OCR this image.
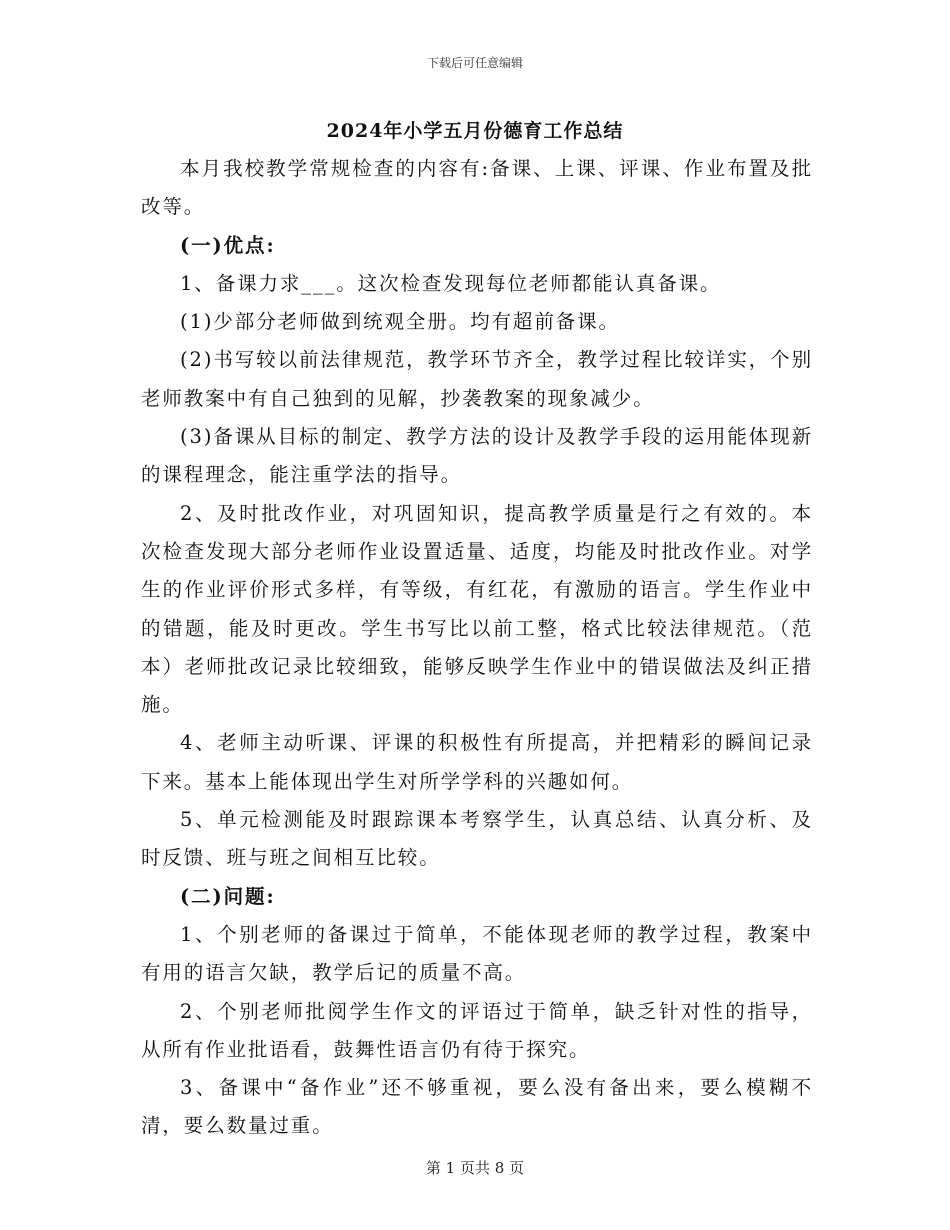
下载后可任意编辑
2024年小学五月份德育工作总结

本月我校教学常规检查的内容有:备课、上课、评课、作业布置及批改等。

(一)优点:

1、备课力求___。这次检查发现每位老师都能认真备课。

(1)少部分老师做到统观全册。均有超前备课。

(2)书写较以前法律规范，教学环节齐全，教学过程比较详实，个别老师教案中有自己独到的见解，抄袭教案的现象减少。

(3)备课从目标的制定、教学方法的设计及教学手段的运用能体现新的课程理念，能注重学法的指导。

2、及时批改作业，对巩固知识，提高教学质量是行之有效的。本次检查发现大部分老师作业设置适量、适度，均能及时批改作业。对学生的作业评价形式多样，有等级，有红花，有激励的语言。学生作业中的错题，能及时更改。学生书写比以前工整，格式比较法律规范。（范本）老师批改记录比较细致，能够反映学生作业中的错误做法及纠正措施。

4、老师主动听课、评课的积极性有所提高，并把精彩的瞬间记录下来。基本上能体现出学生对所学学科的兴趣如何。

5、单元检测能及时跟踪课本考察学生，认真总结、认真分析、及时反馈、班与班之间相互比较。

(二)问题:

1、个别老师的备课过于简单，不能体现老师的教学过程，教案中有用的语言欠缺，教学后记的质量不高。

2、个别老师批阅学生作文的评语过于简单，缺乏针对性的指导，从所有作业批语看，鼓舞性语言仍有待于探究。

3、备课中“备作业”还不够重视，要么没有备出来，要么模糊不清，要么数量过重。

第 1 页共 8 页
